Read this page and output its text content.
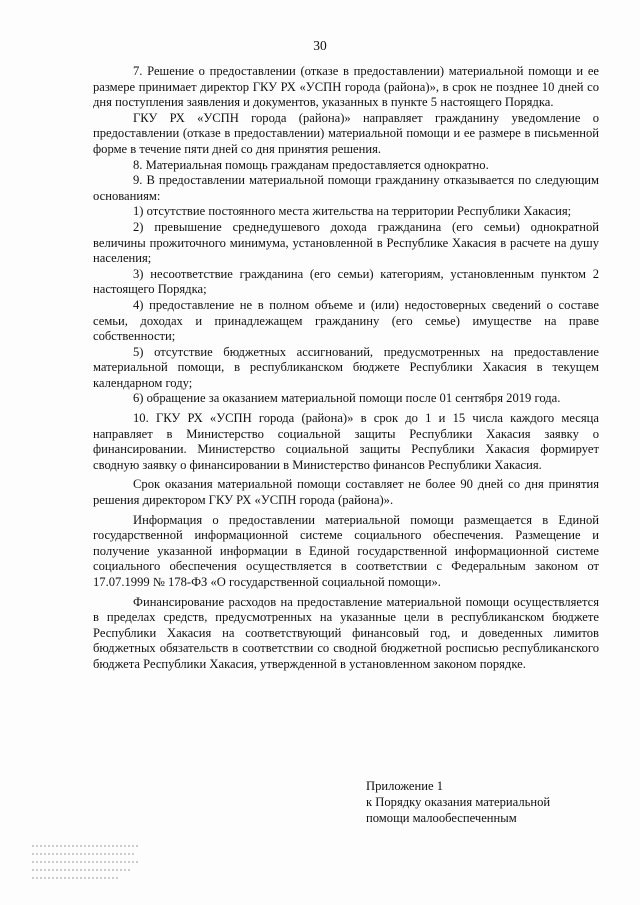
30

7. Решение о предоставлении (отказе в предоставлении) материальной помощи и ее размере принимает директор ГКУ РХ «УСПН города (района)», в срок не позднее 10 дней со дня поступления заявления и документов, указанных в пункте 5 настоящего Порядка.

ГКУ РХ «УСПН города (района)» направляет гражданину уведомление о предоставлении (отказе в предоставлении) материальной помощи и ее размере в письменной форме в течение пяти дней со дня принятия решения.

8. Материальная помощь гражданам предоставляется однократно.

9. В предоставлении материальной помощи гражданину отказывается по следующим основаниям:

1) отсутствие постоянного места жительства на территории Республики Хакасия;

2) превышение среднедушевого дохода гражданина (его семьи) однократной величины прожиточного минимума, установленной в Республике Хакасия в расчете на душу населения;

3) несоответствие гражданина (его семьи) категориям, установленным пунктом 2 настоящего Порядка;

4) предоставление не в полном объеме и (или) недостоверных сведений о составе семьи, доходах и принадлежащем гражданину (его семье) имуществе на праве собственности;

5) отсутствие бюджетных ассигнований, предусмотренных на предоставление материальной помощи, в республиканском бюджете Республики Хакасия в текущем календарном году;

6) обращение за оказанием материальной помощи после 01 сентября 2019 года.

10. ГКУ РХ «УСПН города (района)» в срок до 1 и 15 числа каждого месяца направляет в Министерство социальной защиты Республики Хакасия заявку о финансировании. Министерство социальной защиты Республики Хакасия формирует сводную заявку о финансировании в Министерство финансов Республики Хакасия.

Срок оказания материальной помощи составляет не более 90 дней со дня принятия решения директором ГКУ РХ «УСПН города (района)».

Информация о предоставлении материальной помощи размещается в Единой государственной информационной системе социального обеспечения. Размещение и получение указанной информации в Единой государственной информационной системе социального обеспечения осуществляется в соответствии с Федеральным законом от 17.07.1999 № 178-ФЗ «О государственной социальной помощи».

Финансирование расходов на предоставление материальной помощи осуществляется в пределах средств, предусмотренных на указанные цели в республиканском бюджете Республики Хакасия на соответствующий финансовый год, и доведенных лимитов бюджетных обязательств в соответствии со сводной бюджетной росписью республиканского бюджета Республики Хакасия, утвержденной в установленном законом порядке.

Приложение 1
к Порядку оказания материальной
помощи малообеспеченным
